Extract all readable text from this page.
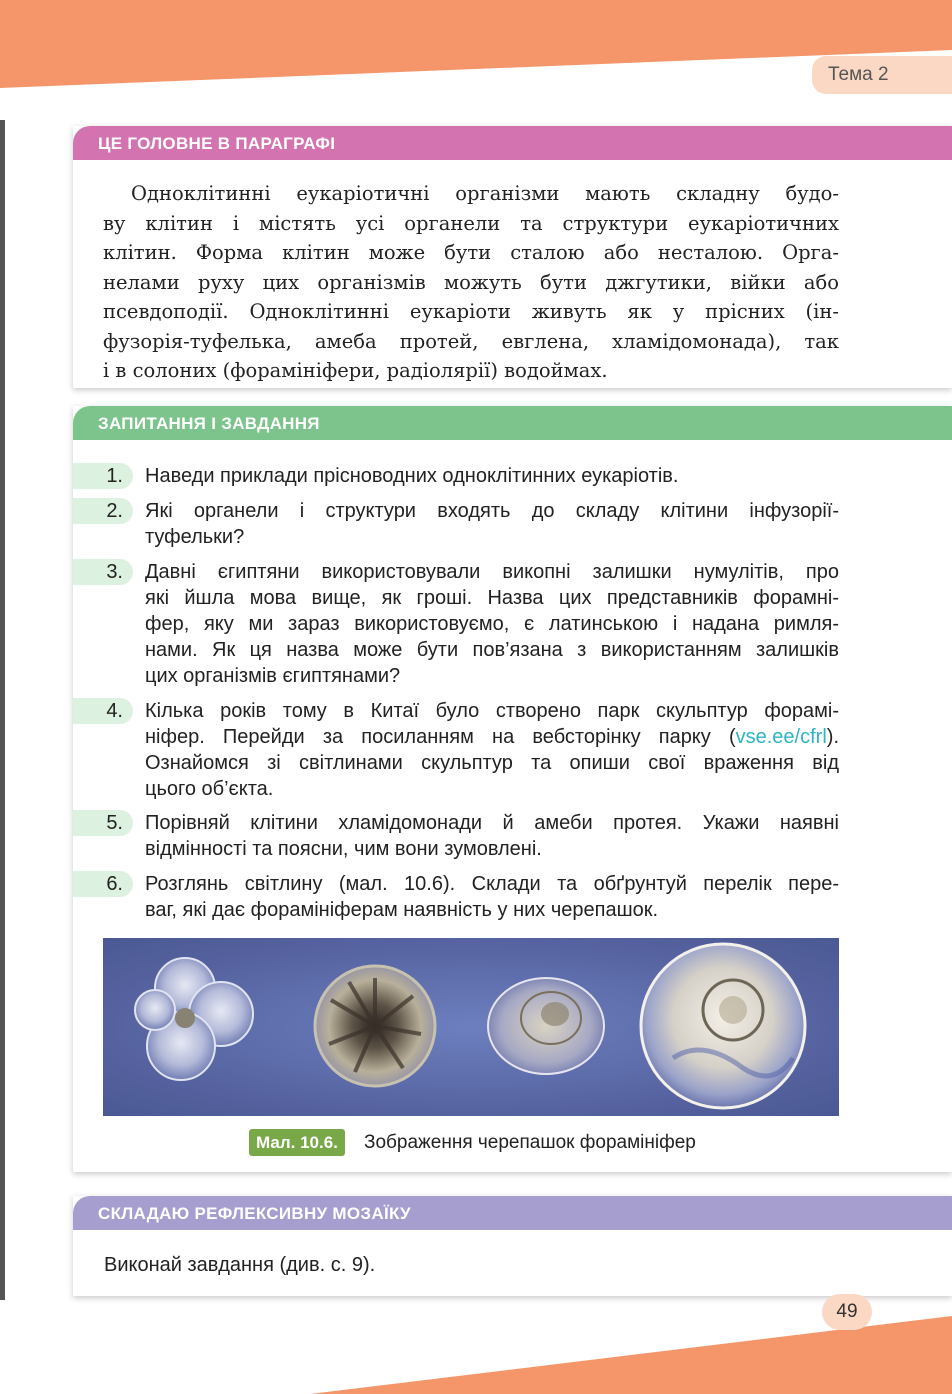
Тема 2
ЦЕ ГОЛОВНЕ В ПАРАГРАФІ
Одноклітинні еукаріотичні організми мають складну будо-
ву клітин і містять усі органели та структури еукаріотичних
клітин. Форма клітин може бути сталою або несталою. Орга-
нелами руху цих організмів можуть бути джгутики, війки або
псевдоподії. Одноклітинні еукаріоти живуть як у прісних (ін-
фузорія-туфелька, амеба протей, евглена, хламідомонада), так
і в солоних (форамініфери, радіолярії) водоймах.
ЗАПИТАННЯ І ЗАВДАННЯ
1.	Наведи приклади прісноводних одноклітинних еукаріотів.
2.	Які органели і структури входять до складу клітини інфузорії-
туфельки?
3.	Давні єгиптяни використовували викопні залишки нумулітів, про
які йшла мова вище, як гроші. Назва цих представників форамні-
фер, яку ми зараз використовуємо, є латинською і надана римля-
нами. Як ця назва може бути пов’язана з використанням залишків
цих організмів єгиптянами?
4.	Кілька років тому в Китаї було створено парк скульптур форамі-
ніфер. Перейди за посиланням на вебсторінку парку (vse.ee/cfrl).
Ознайомся зі світлинами скульптур та опиши свої враження від
цього об’єкта.
5.	Порівняй клітини хламідомонади й амеби протея. Укажи наявні
відмінності та поясни, чим вони зумовлені.
6.	Розглянь світлину (мал. 10.6). Склади та обґрунтуй перелік пере-
ваг, які дає форамініферам наявність у них черепашок.
Мал. 10.6.	Зображення черепашок форамініфер
СКЛАДАЮ РЕФЛЕКСИВНУ МОЗАЇКУ
Виконай завдання (див. с. 9).
49
